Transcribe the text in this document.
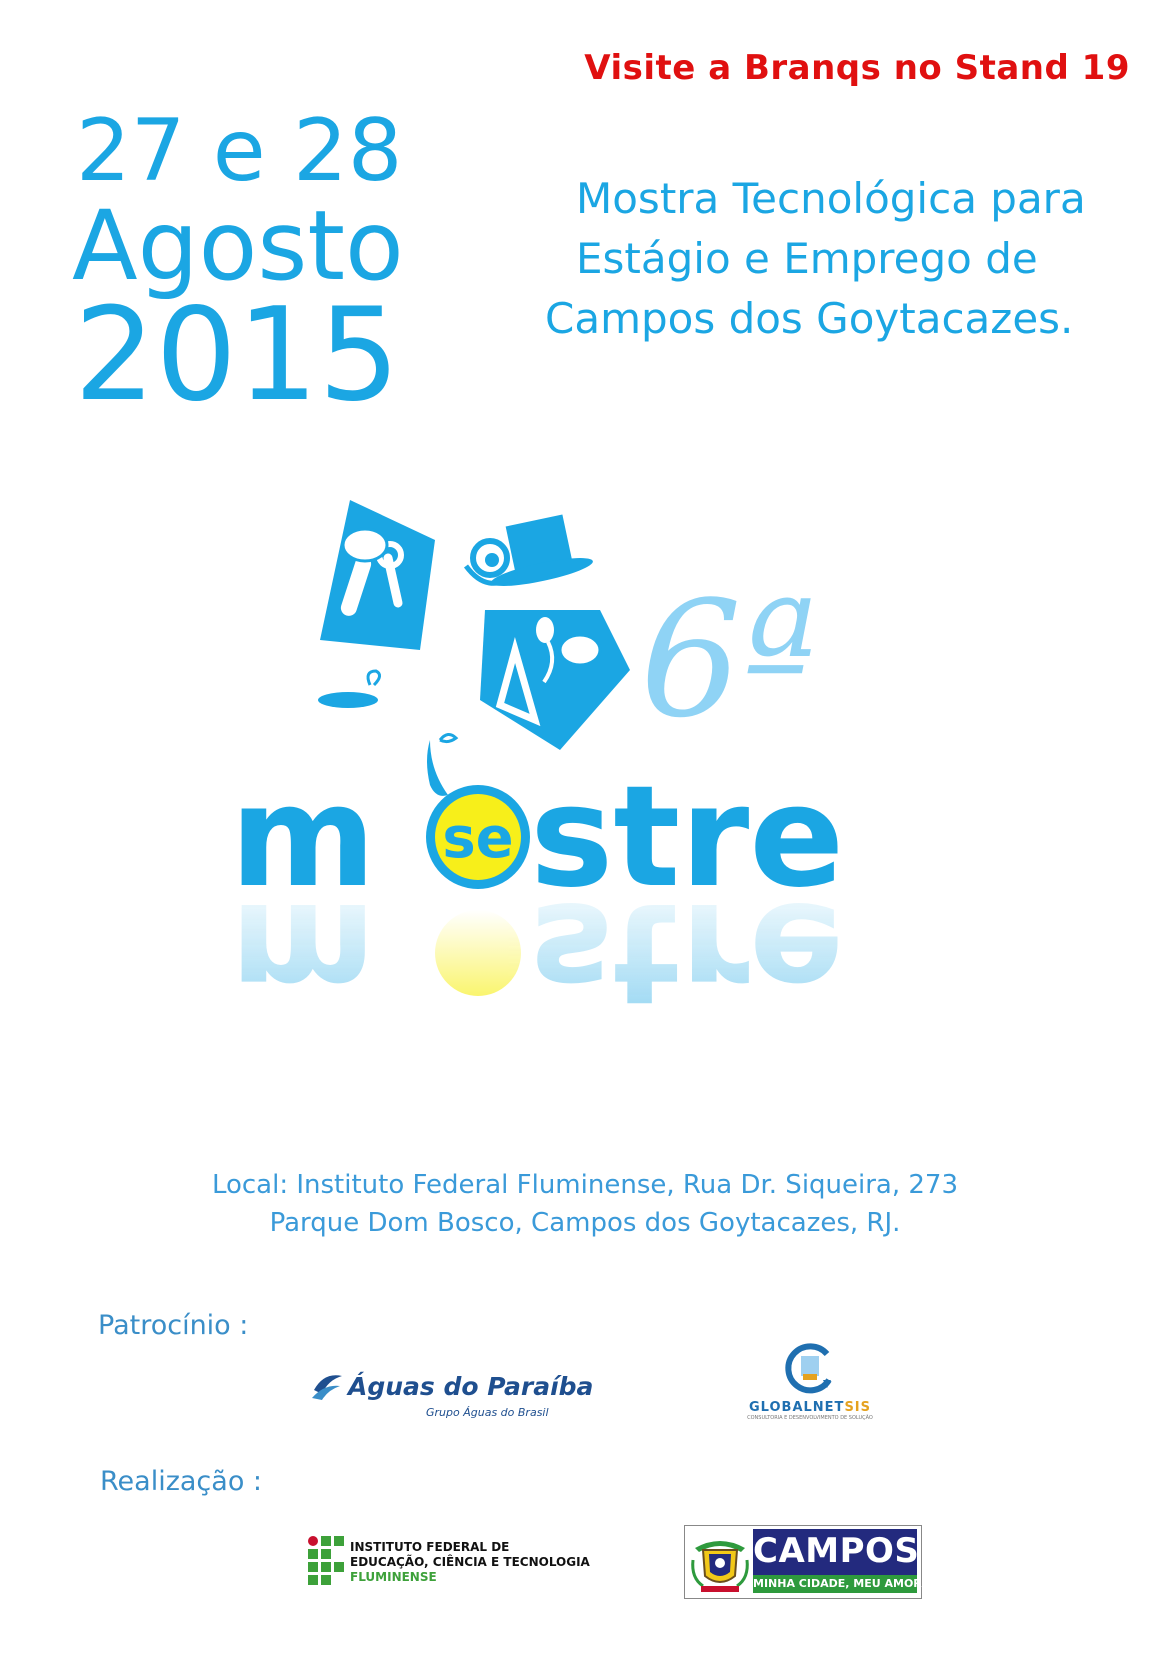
Visite a Branqs no Stand 19
27 e 28
Agosto
2015
Mostra Tecnológica para
Estágio e Emprego de
Campos dos Goytacazes.
6ª
m se stre
m stre
Local: Instituto Federal Fluminense, Rua Dr. Siqueira, 273
Parque Dom Bosco, Campos dos Goytacazes, RJ.
Patrocínio :
Águas do Paraíba
Grupo Águas do Brasil	GLOBALNETSIS
CONSULTORIA E DESENVOLVIMENTO DE SOLUÇÃO
Realização :
INSTITUTO FEDERAL DE
EDUCAÇÃO, CIÊNCIA E TECNOLOGIA
FLUMINENSE
CAMPOS
MINHA CIDADE, MEU AMOR.
